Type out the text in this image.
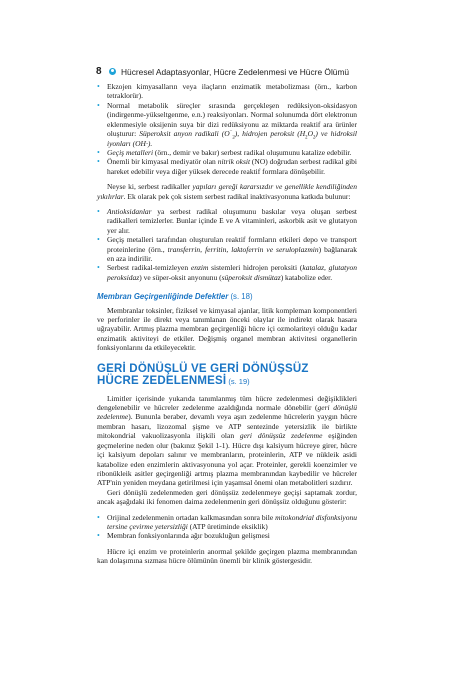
8	Hücresel Adaptasyonlar, Hücre Zedelenmesi ve Hücre Ölümü
• Ekzojen kimyasalların veya ilaçların enzimatik metabolizması (örn., karbon tetraklorür).
• Normal metabolik süreçler sırasında gerçekleşen redüksiyon-oksidasyon (indirgenme-yükseltgenme, e.n.) reaksiyonları. Normal solunumda dört elektronun eklenmesiyle oksijenin suya bir dizi redüksiyonu az miktarda reaktif ara ürünler oluşturur: Süperoksit anyon radikali $(O^-_2)$, hidrojen peroksit $(H_2O_2)$ ve hidroksil iyonları (OH·).
• Geçiş metalleri (örn., demir ve bakır) serbest radikal oluşumunu katalize edebilir.
• Önemli bir kimyasal mediyatör olan nitrik oksit (NO) doğrudan serbest radikal gibi hareket edebilir veya diğer yüksek derecede reaktif formlara dönüşebilir.

Neyse ki, serbest radikaller yapıları gereği kararsızdır ve genellikle kendiliğinden yıkılırlar. Ek olarak pek çok sistem serbest radikal inaktivasyonuna katkıda bulunur:

• Antioksidanlar ya serbest radikal oluşumunu baskılar veya oluşan serbest radikalleri temizlerler. Bunlar içinde E ve A vitaminleri, askorbik asit ve glutatyon yer alır.
• Geçiş metalleri tarafından oluşturulan reaktif formların etkileri depo ve transport proteinlerine (örn., transferrin, ferritin, laktoferrin ve seruloplazmin) bağlanarak en aza indirilir.
• Serbest radikal-temizleyen enzim sistemleri hidrojen peroksiti (katalaz, glutatyon peroksidaz) ve süper-oksit anyonunu (süperoksit dismütaz) katabolize eder.
Membran Geçirgenliğinde Defektler (s. 18)

Membranlar toksinler, fiziksel ve kimyasal ajanlar, litik kompleman komponentleri ve perforinler ile direkt veya tanımlanan önceki olaylar ile indirekt olarak hasara uğrayabilir. Artmış plazma membran geçirgenliği hücre içi ozmolariteyi olduğu kadar enzimatik aktiviteyi de etkiler. Değişmiş organel membran aktivitesi organellerin fonksiyonlarını da etkileyecektir.

GERİ DÖNÜŞLÜ VE GERİ DÖNÜŞSÜZ
HÜCRE ZEDELENMESİ (s. 19)

Limitler içerisinde yukarıda tanımlanmış tüm hücre zedelenmesi değişiklikleri dengelenebilir ve hücreler zedelenme azaldığında normale dönebilir (geri dönüşlü zedelenme). Bununla beraber, devamlı veya aşırı zedelenme hücrelerin yaygın hücre membran hasarı, lizozomal şişme ve ATP sentezinde yetersizlik ile birlikte mitokondrial vakuolizasyonla ilişkili olan geri dönüşsüz zedelenme eşiğinden geçmelerine neden olur (bakınız Şekil 1-1). Hücre dışı kalsiyum hücreye girer, hücre içi kalsiyum depoları salınır ve membranların, proteinlerin, ATP ve nükleik asidi katabolize eden enzimlerin aktivasyonuna yol açar. Proteinler, gerekli koenzimler ve ribonükleik asitler geçirgenliği artmış plazma membranından kaybedilir ve hücreler ATP'nin yeniden meydana getirilmesi için yaşamsal önemi olan metabolitleri sızdırır.

Geri dönüşlü zedelenmeden geri dönüşsüz zedelenmeye geçişi saptamak zordur, ancak aşağıdaki iki fenomen daima zedelenmenin geri dönüşsüz olduğunu gösterir:

• Orijinal zedelenmenin ortadan kalkmasından sonra bile mitokondrial disfonksiyonu tersine çevirme yetersizliği (ATP üretiminde eksiklik)
• Membran fonksiyonlarında ağır bozukluğun gelişmesi

Hücre içi enzim ve proteinlerin anormal şekilde geçirgen plazma membranından kan dolaşımına sızması hücre ölümünün önemli bir klinik göstergesidir.
